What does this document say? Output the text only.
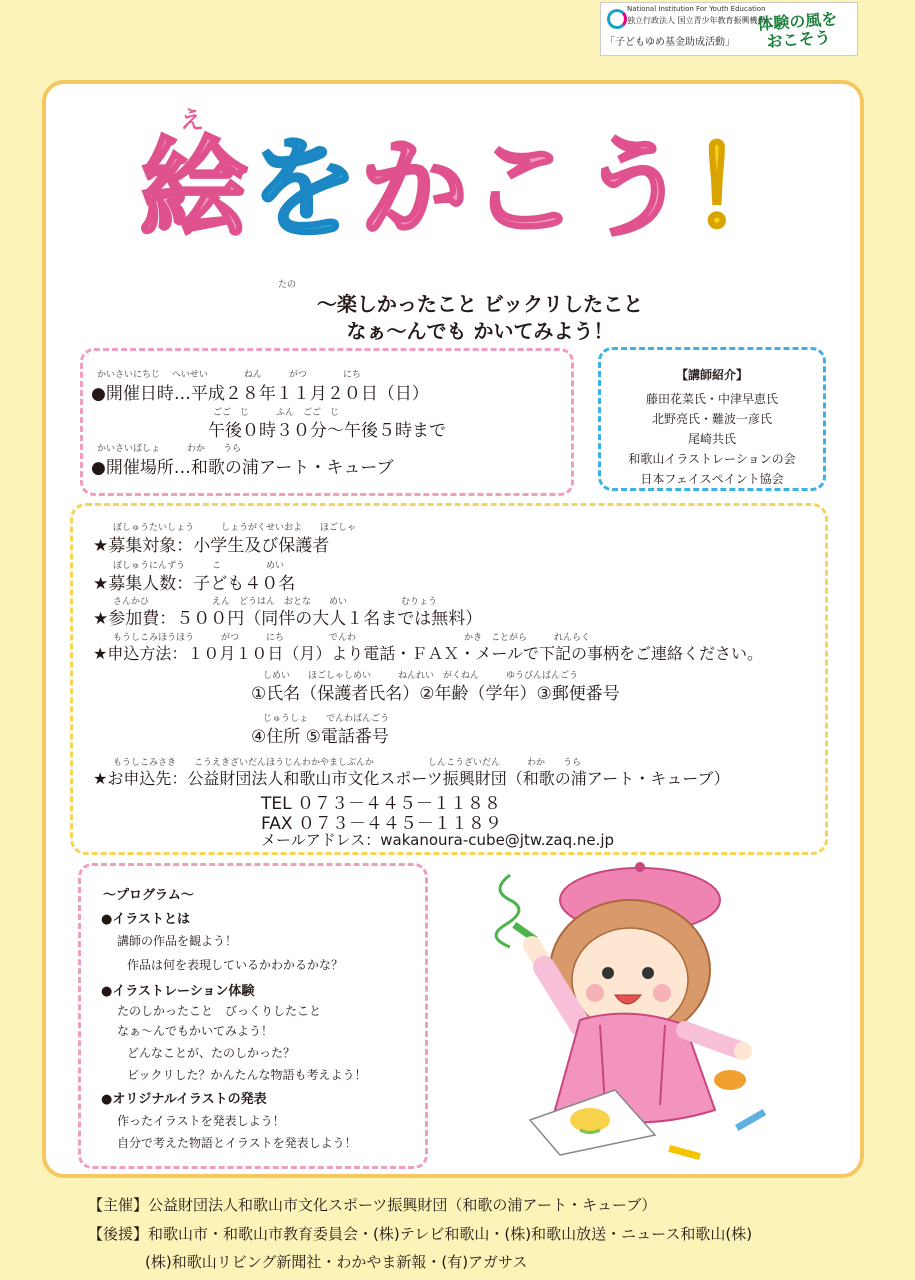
National Institution For Youth Education
独立行政法人 国立青少年教育振興機構
「子どもゆめ基金助成活動」
体験の風を
おこそう
え
絵をかこう！
たの
～楽しかったこと ビックリしたこと
なぁ～んでも かいてみよう！
かいさいにちじ　 へいせい　　　　ねん　　　がつ　　　　にち
●開催日時…平成２８年１１月２０日（日）
ごご　じ　　　ふん　ごご　じ
午後０時３０分～午後５時まで
かいさいばしょ　　　わか　　うら
●開催場所…和歌の浦アート・キューブ
【講師紹介】
藤田花菜氏・中津早恵氏
北野亮氏・難波一彦氏
尾崎共氏
和歌山イラストレーションの会
日本フェイスペイント協会
ぼしゅうたいしょう　　　しょうがくせいおよ　　ほごしゃ
★募集対象：小学生及び保護者
ぼしゅうにんずう　　　こ　　　　　めい
★募集人数：子ども４０名
さんかひ　　　　　　　えん　どうはん　おとな　　めい　　　　　　むりょう
★参加費：５００円（同伴の大人１名までは無料）
もうしこみほうほう　　　がつ　　　にち　　　　　でんわ　　　　　　　　　　　　かき　ことがら　　　れんらく
★申込方法：１０月１０日（月）より電話・ＦＡＸ・メールで下記の事柄をご連絡ください。
しめい　　ほごしゃしめい　　　ねんれい　がくねん　　　ゆうびんばんごう
①氏名（保護者氏名）②年齢（学年）③郵便番号
じゅうしょ　　でんわばんごう
④住所 ⑤電話番号
もうしこみさき　　こうえきざいだんほうじんわかやましぶんか　　　　　　しんこうざいだん　　　わか　　うら
★お申込先：公益財団法人和歌山市文化スポーツ振興財団（和歌の浦アート・キューブ）
TEL ０７３－４４５－１１８８
FAX ０７３－４４５－１１８９
メールアドレス：wakanoura-cube@jtw.zaq.ne.jp
～プログラム～
●イラストとは
講師の作品を観よう！
作品は何を表現しているかわかるかな？
●イラストレーション体験
たのしかったこと　びっくりしたこと
なぁ～んでもかいてみよう！
どんなことが、たのしかった？
ビックリした？かんたんな物語も考えよう！
●オリジナルイラストの発表
作ったイラストを発表しよう！
自分で考えた物語とイラストを発表しよう！
【主催】公益財団法人和歌山市文化スポーツ振興財団（和歌の浦アート・キューブ）
【後援】和歌山市・和歌山市教育委員会・(株)テレビ和歌山・(株)和歌山放送・ニュース和歌山(株)
(株)和歌山リビング新聞社・わかやま新報・(有)アガサス
